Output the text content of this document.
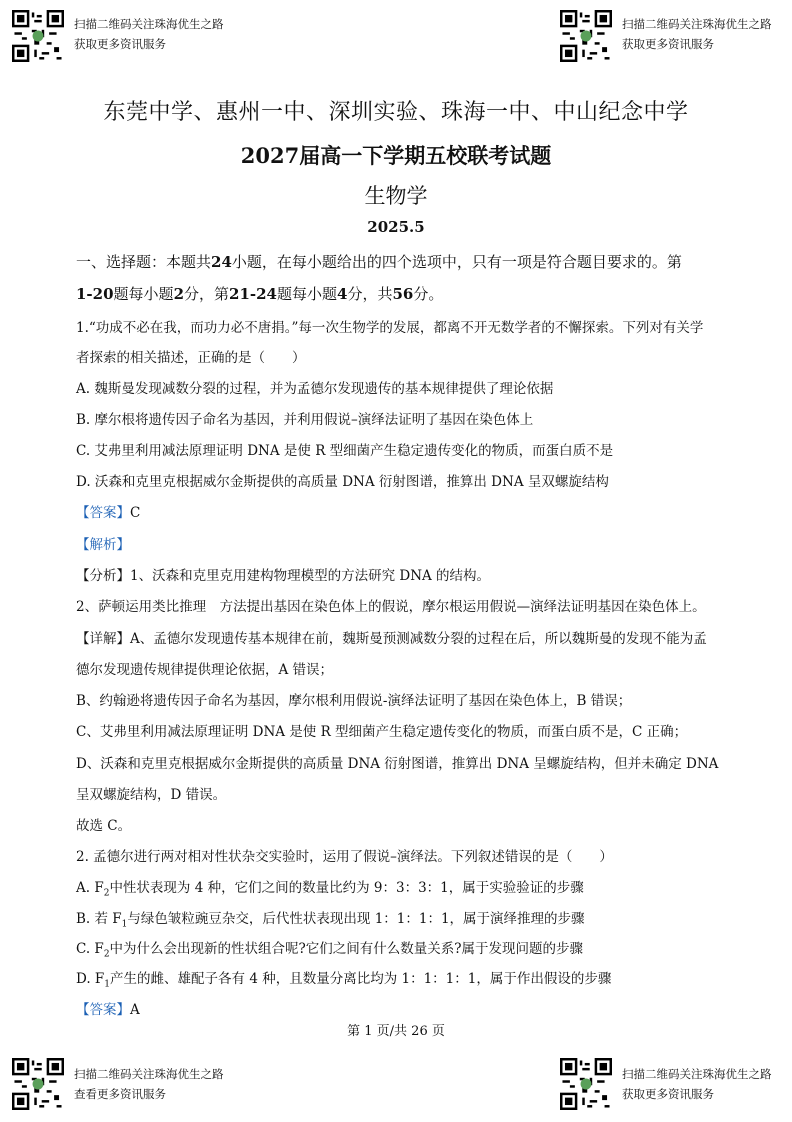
扫描二维码关注珠海优生之路
获取更多资讯服务
扫描二维码关注珠海优生之路
获取更多资讯服务
东莞中学、惠州一中、深圳实验、珠海一中、中山纪念中学
2027届高一下学期五校联考试题
生物学
2025.5
一、选择题：本题共24小题，在每小题给出的四个选项中，只有一项是符合题目要求的。第
1-20题每小题2分，第21-24题每小题4分，共56分。
1.“功成不必在我，而功力必不唐捐。”每一次生物学的发展，都离不开无数学者的不懈探索。下列对有关学
者探索的相关描述，正确的是（　　）
A. 魏斯曼发现减数分裂的过程，并为孟德尔发现遗传的基本规律提供了理论依据
B. 摩尔根将遗传因子命名为基因，并利用假说–演绎法证明了基因在染色体上
C. 艾弗里利用减法原理证明 DNA 是使 R 型细菌产生稳定遗传变化的物质，而蛋白质不是
D. 沃森和克里克根据威尔金斯提供的高质量 DNA 衍射图谱，推算出 DNA 呈双螺旋结构
【答案】C
【解析】
【分析】1、沃森和克里克用建构物理模型的方法研究 DNA 的结构。
2、萨顿运用类比推理　方法提出基因在染色体上的假说，摩尔根运用假说—演绎法证明基因在染色体上。
【详解】A、孟德尔发现遗传基本规律在前，魏斯曼预测减数分裂的过程在后，所以魏斯曼的发现不能为孟
德尔发现遗传规律提供理论依据，A 错误；
B、约翰逊将遗传因子命名为基因，摩尔根利用假说-演绎法证明了基因在染色体上，B 错误；
C、艾弗里利用减法原理证明 DNA 是使 R 型细菌产生稳定遗传变化的物质，而蛋白质不是，C 正确；
D、沃森和克里克根据威尔金斯提供的高质量 DNA 衍射图谱，推算出 DNA 呈螺旋结构，但并未确定 DNA
呈双螺旋结构，D 错误。
故选 C。
2. 孟德尔进行两对相对性状杂交实验时，运用了假说–演绎法。下列叙述错误的是（　　）
A. $F_2$中性状表现为 4 种，它们之间的数量比约为 9：3：3：1，属于实验验证的步骤
B. 若 $F_1$与绿色皱粒豌豆杂交，后代性状表现出现 1：1：1：1，属于演绎推理的步骤
C. $F_2$中为什么会出现新的性状组合呢?它们之间有什么数量关系?属于发现问题的步骤
D. $F_1$产生的雌、雄配子各有 4 种，且数量分离比均为 1：1：1：1，属于作出假设的步骤
【答案】A
第 1 页/共 26 页
扫描二维码关注珠海优生之路
查看更多资讯服务
扫描二维码关注珠海优生之路
获取更多资讯服务
